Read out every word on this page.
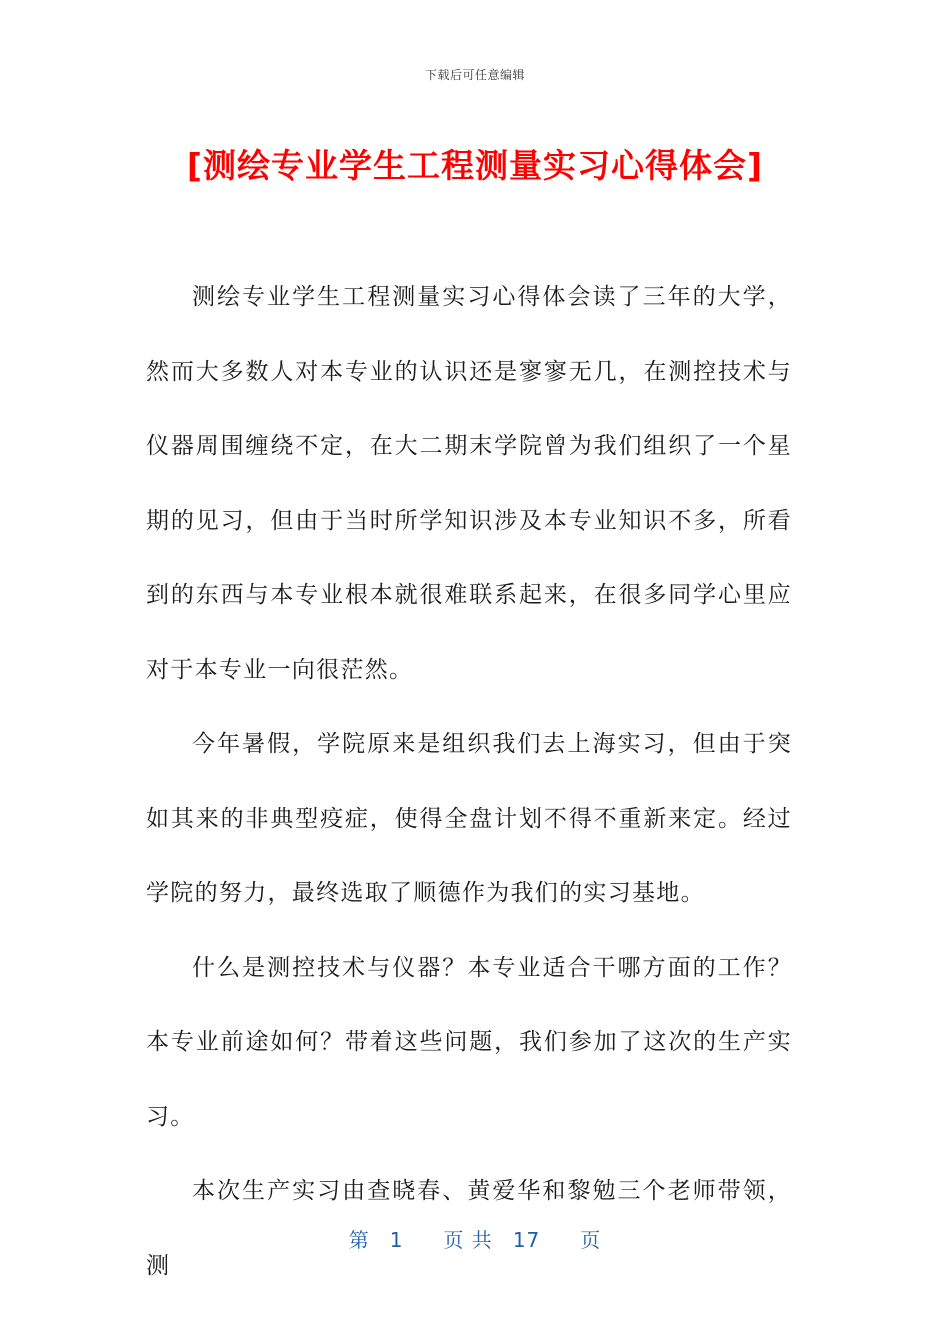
下载后可任意编辑
[测绘专业学生工程测量实习心得体会]

测绘专业学生工程测量实习心得体会读了三年的大学，然而大多数人对本专业的认识还是寥寥无几，在测控技术与仪器周围缠绕不定，在大二期末学院曾为我们组织了一个星期的见习，但由于当时所学知识涉及本专业知识不多，所看到的东西与本专业根本就很难联系起来，在很多同学心里应对于本专业一向很茫然。

今年暑假，学院原来是组织我们去上海实习，但由于突如其来的非典型疫症，使得全盘计划不得不重新来定。经过学院的努力，最终选取了顺德作为我们的实习基地。

什么是测控技术与仪器？本专业适合干哪方面的工作？本专业前途如何？带着这些问题，我们参加了这次的生产实习。

本次生产实习由查晓春、黄爱华和黎勉三个老师带领，测

第 1 页 共 17 页
